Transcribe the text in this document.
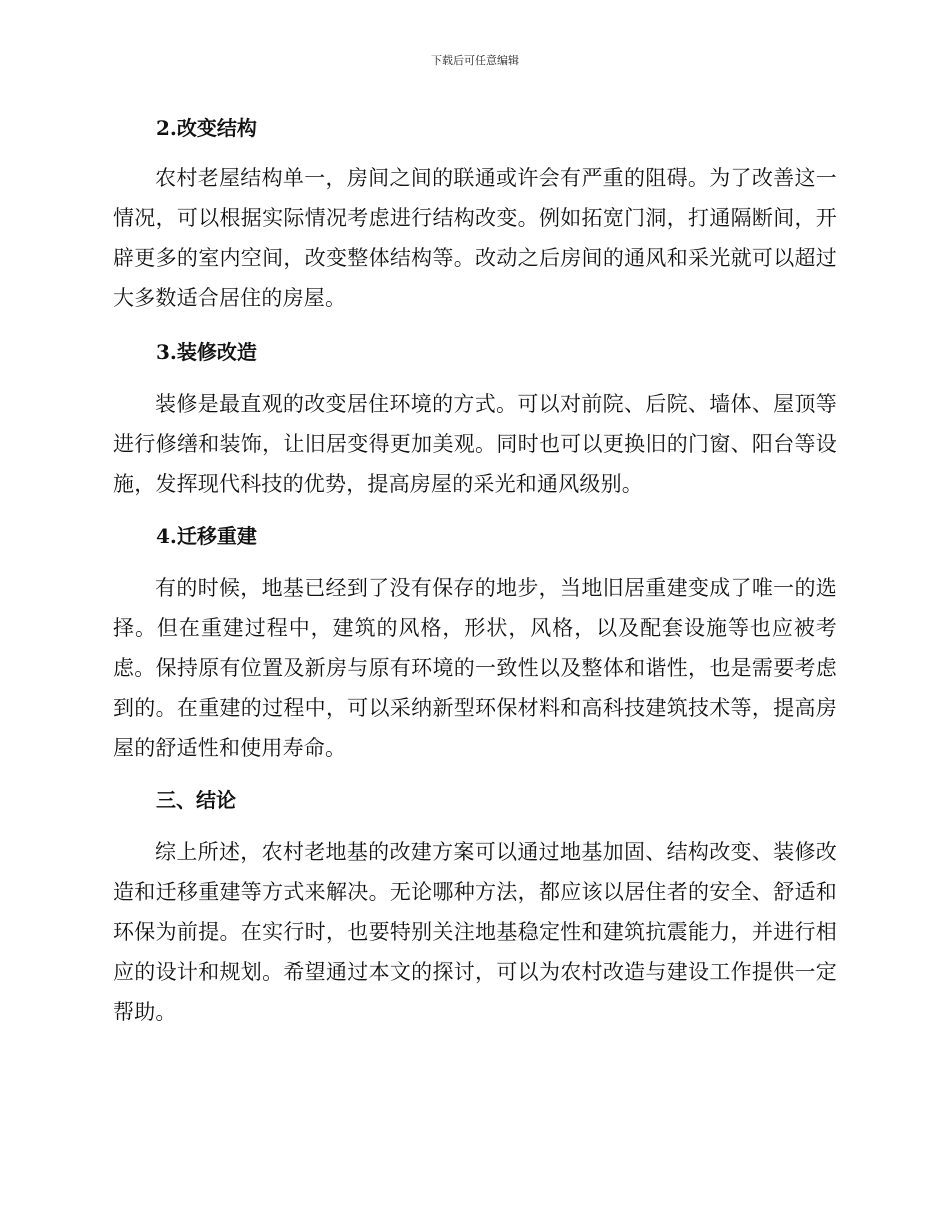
下载后可任意编辑
2.改变结构

农村老屋结构单一，房间之间的联通或许会有严重的阻碍。为了改善这一情况，可以根据实际情况考虑进行结构改变。例如拓宽门洞，打通隔断间，开辟更多的室内空间，改变整体结构等。改动之后房间的通风和采光就可以超过大多数适合居住的房屋。

3.装修改造

装修是最直观的改变居住环境的方式。可以对前院、后院、墙体、屋顶等进行修缮和装饰，让旧居变得更加美观。同时也可以更换旧的门窗、阳台等设施，发挥现代科技的优势，提高房屋的采光和通风级别。

4.迁移重建

有的时候，地基已经到了没有保存的地步，当地旧居重建变成了唯一的选择。但在重建过程中，建筑的风格，形状，风格，以及配套设施等也应被考虑。保持原有位置及新房与原有环境的一致性以及整体和谐性，也是需要考虑到的。在重建的过程中，可以采纳新型环保材料和高科技建筑技术等，提高房屋的舒适性和使用寿命。

三、结论

综上所述，农村老地基的改建方案可以通过地基加固、结构改变、装修改造和迁移重建等方式来解决。无论哪种方法，都应该以居住者的安全、舒适和环保为前提。在实行时，也要特别关注地基稳定性和建筑抗震能力，并进行相应的设计和规划。希望通过本文的探讨，可以为农村改造与建设工作提供一定帮助。
